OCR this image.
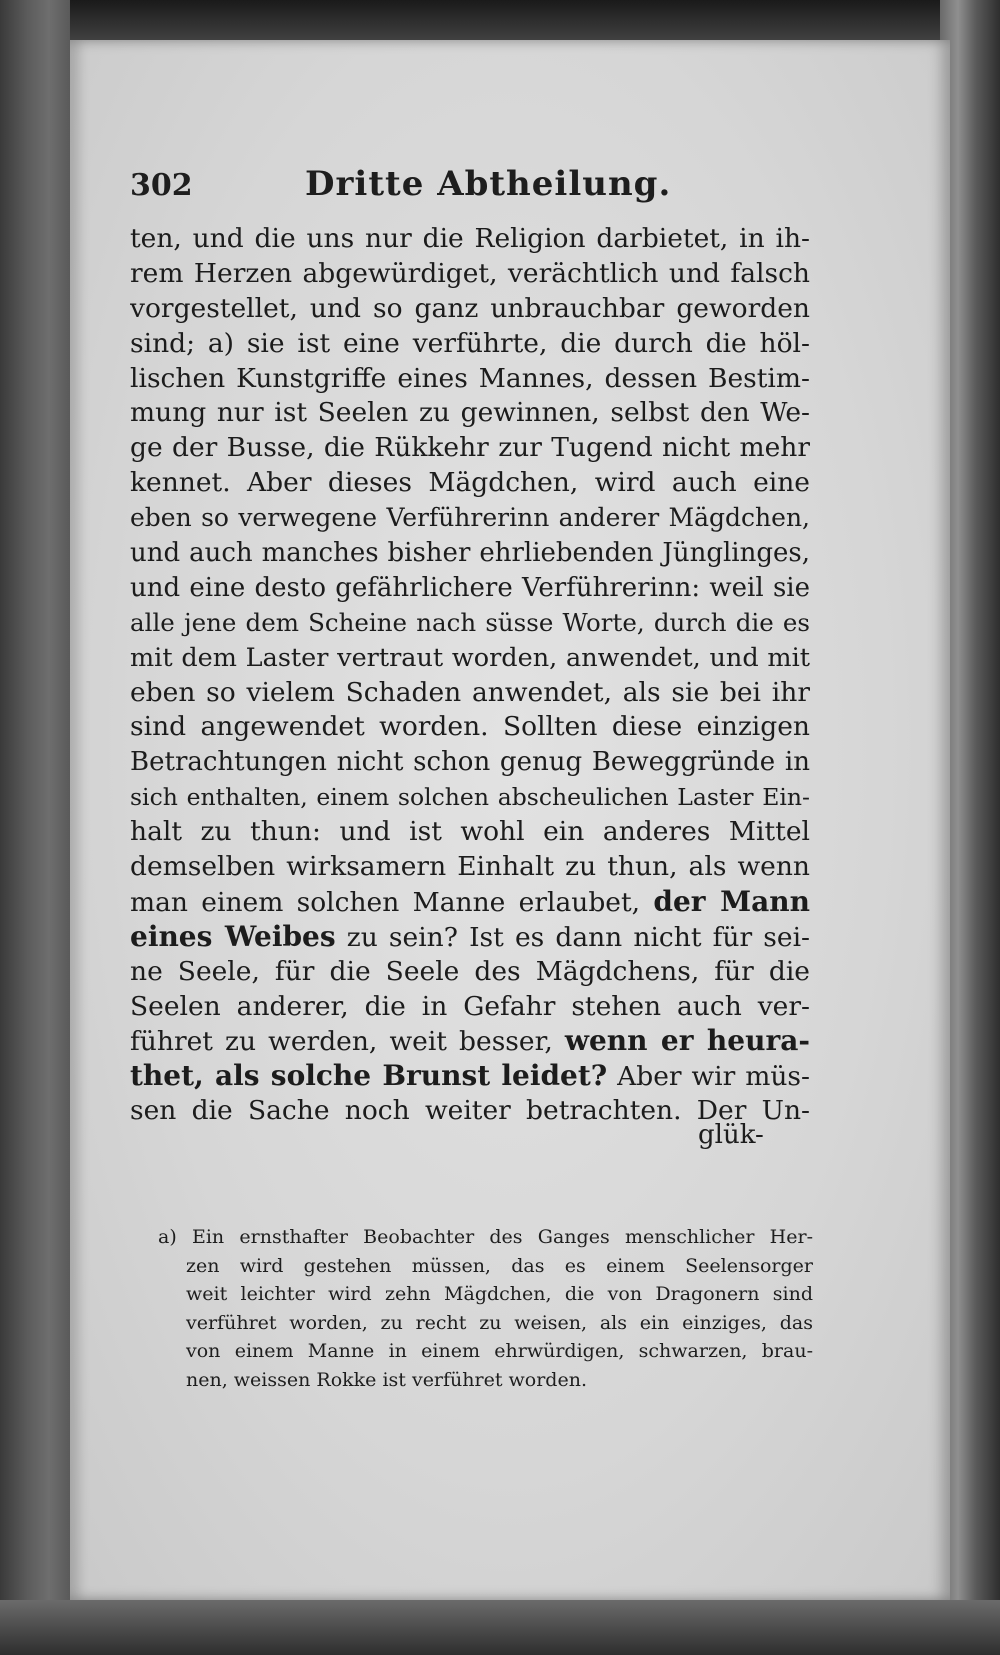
302	Dritte Abtheilung.
ten, und die uns nur die Religion darbietet, in ih-
rem Herzen abgewürdiget, verächtlich und falsch
vorgestellet, und so ganz unbrauchbar geworden
sind; a) sie ist eine verführte, die durch die höl-
lischen Kunstgriffe eines Mannes, dessen Bestim-
mung nur ist Seelen zu gewinnen, selbst den We-
ge der Busse, die Rükkehr zur Tugend nicht mehr
kennet. Aber dieses Mägdchen, wird auch eine
eben so verwegene Verführerinn anderer Mägdchen,
und auch manches bisher ehrliebenden Jünglinges,
und eine desto gefährlichere Verführerinn: weil sie
alle jene dem Scheine nach süsse Worte, durch die es
mit dem Laster vertraut worden, anwendet, und mit
eben so vielem Schaden anwendet, als sie bei ihr
sind angewendet worden. Sollten diese einzigen
Betrachtungen nicht schon genug Beweggründe in
sich enthalten, einem solchen abscheulichen Laster Ein-
halt zu thun: und ist wohl ein anderes Mittel
demselben wirksamern Einhalt zu thun, als wenn
man einem solchen Manne erlaubet, der Mann
eines Weibes zu sein? Ist es dann nicht für sei-
ne Seele, für die Seele des Mägdchens, für die
Seelen anderer, die in Gefahr stehen auch ver-
führet zu werden, weit besser, wenn er heura-
thet, als solche Brunst leidet? Aber wir müs-
sen die Sache noch weiter betrachten. Der Un-
glük-
a) Ein ernsthafter Beobachter des Ganges menschlicher Her-
zen wird gestehen müssen, das es einem Seelensorger
weit leichter wird zehn Mägdchen, die von Dragonern sind
verführet worden, zu recht zu weisen, als ein einziges, das
von einem Manne in einem ehrwürdigen, schwarzen, brau-
nen, weissen Rokke ist verführet worden.
